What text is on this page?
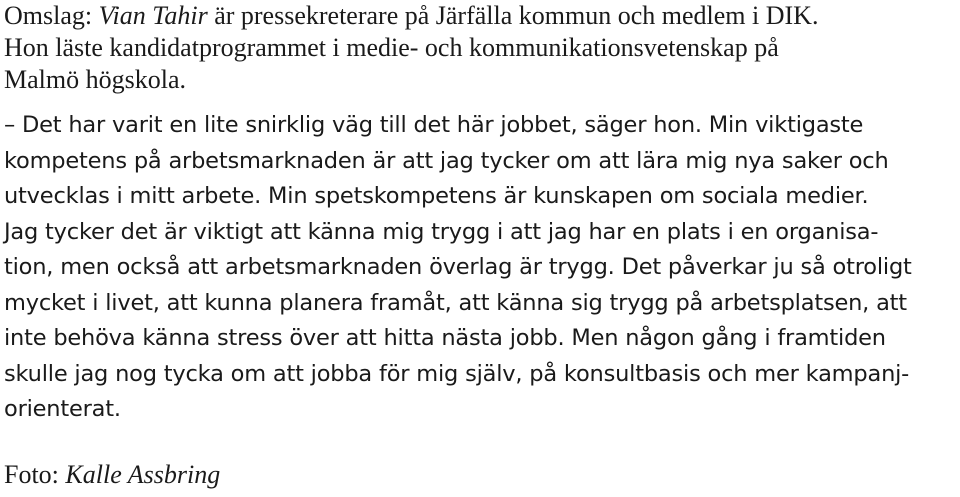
Omslag: Vian Tahir är pressekreterare på Järfälla kommun och medlem i DIK.
Hon läste kandidatprogrammet i medie- och kommunikationsvetenskap på
Malmö högskola.
– Det har varit en lite snirklig väg till det här jobbet, säger hon. Min viktigaste
kompetens på arbetsmarknaden är att jag tycker om att lära mig nya saker och
utvecklas i mitt arbete. Min spetskompetens är kunskapen om sociala medier.
Jag tycker det är viktigt att känna mig trygg i att jag har en plats i en organisa-
tion, men också att arbetsmarknaden överlag är trygg. Det påverkar ju så otroligt
mycket i livet, att kunna planera framåt, att känna sig trygg på arbetsplatsen, att
inte behöva känna stress över att hitta nästa jobb. Men någon gång i framtiden
skulle jag nog tycka om att jobba för mig själv, på konsultbasis och mer kampanj-
orienterat.
Foto: Kalle Assbring
